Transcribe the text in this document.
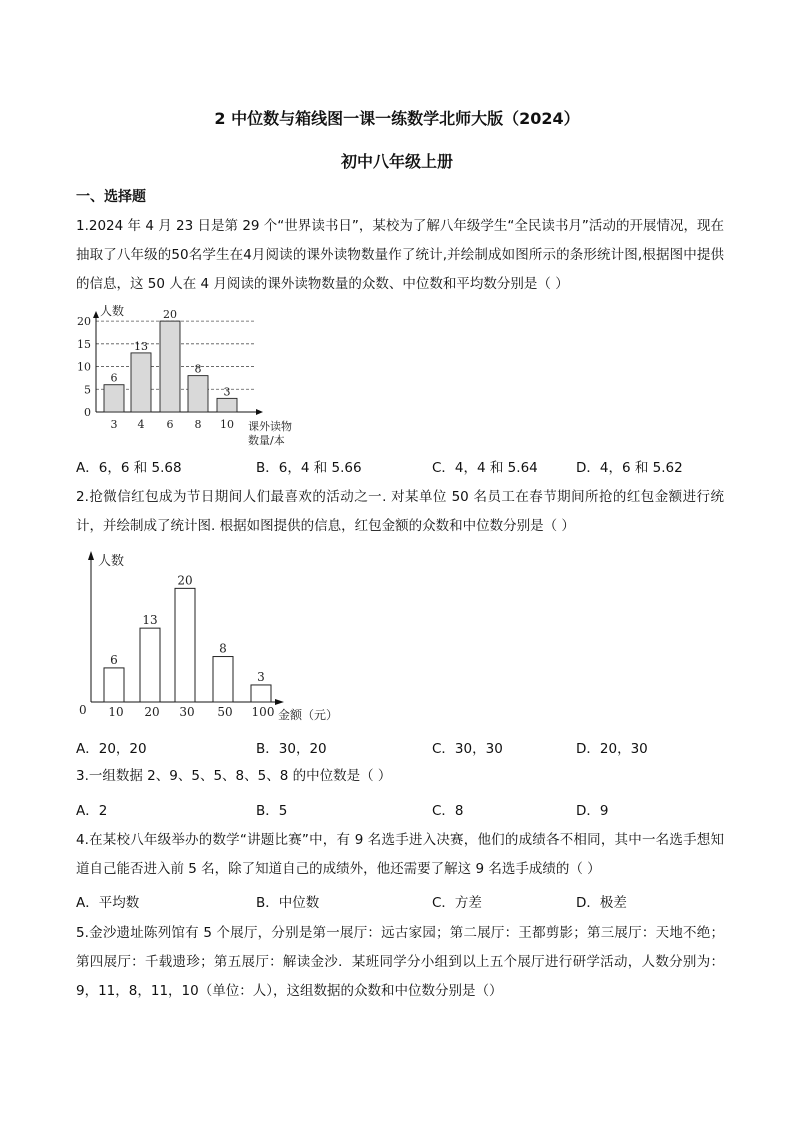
2 中位数与箱线图一课一练数学北师大版（2024）
初中八年级上册
一、选择题
1.2024 年 4 月 23 日是第 29 个“世界读书日”，某校为了解八年级学生“全民读书月”活动的开展情况，现在抽取了八年级的50名学生在4月阅读的课外读物数量作了统计,并绘制成如图所示的条形统计图,根据图中提供的信息，这 50 人在 4 月阅读的课外读物数量的众数、中位数和平均数分别是（ ）
0
5
10
15
20
人数
课外读物
数量/本
6
3
13
4
20
6
8
8
3
10
A．6，6 和 5.68	B．6，4 和 5.66	C．4，4 和 5.64	D．4，6 和 5.62
2.抢微信红包成为节日期间人们最喜欢的活动之一. 对某单位 50 名员工在春节期间所抢的红包金额进行统计，并绘制成了统计图. 根据如图提供的信息，红包金额的众数和中位数分别是（ ）
人数
0	金额（元）
6
10
13
20
20
30
8
50
3
100
A．20，20	B．30，20	C．30，30	D．20，30
3.一组数据 2、9、5、5、8、5、8 的中位数是（ ）
A．2	B．5	C．8	D．9
4.在某校八年级举办的数学“讲题比赛”中，有 9 名选手进入决赛，他们的成绩各不相同，其中一名选手想知道自己能否进入前 5 名，除了知道自己的成绩外，他还需要了解这 9 名选手成绩的（ ）
A．平均数	B．中位数	C．方差	D．极差
5.金沙遗址陈列馆有 5 个展厅，分别是第一展厅：远古家园；第二展厅：王都剪影；第三展厅：天地不绝；第四展厅：千载遗珍；第五展厅：解读金沙．某班同学分小组到以上五个展厅进行研学活动，人数分别为：9，11，8，11，10（单位：人），这组数据的众数和中位数分别是（）
